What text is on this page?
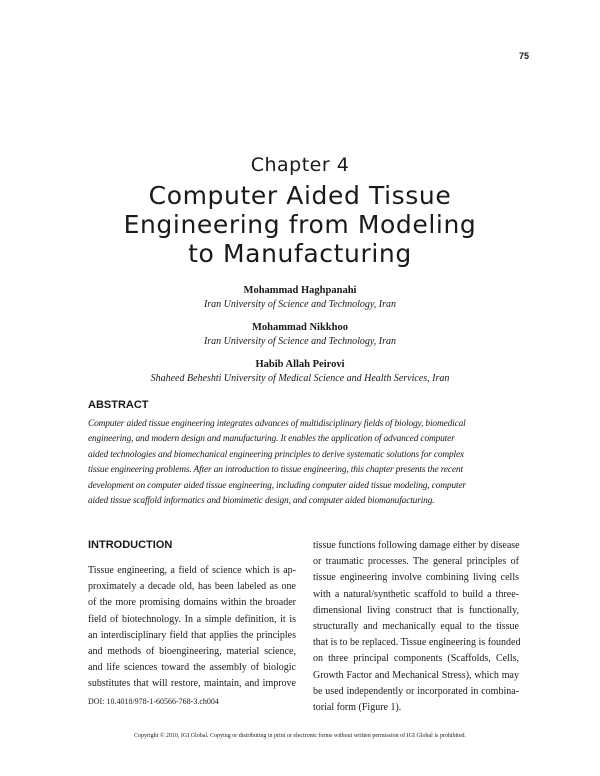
75
Chapter 4
Computer Aided Tissue
Engineering from Modeling
to Manufacturing
Mohammad Haghpanahi
Iran University of Science and Technology, Iran
Mohammad Nikkhoo
Iran University of Science and Technology, Iran
Habib Allah Peirovi
Shaheed Beheshti University of Medical Science and Health Services, Iran
ABSTRACT
Computer aided tissue engineering integrates advances of multidisciplinary fields of biology, biomedical
engineering, and modern design and manufacturing. It enables the application of advanced computer
aided technologies and biomechanical engineering principles to derive systematic solutions for complex
tissue engineering problems. After an introduction to tissue engineering, this chapter presents the recent
development on computer aided tissue engineering, including computer aided tissue modeling, computer
aided tissue scaffold informatics and biomimetic design, and computer aided biomanufacturing.
INTRODUCTION
Tissue engineering, a field of science which is ap-
proximately a decade old, has been labeled as one
of the more promising domains within the broader
field of biotechnology. In a simple definition, it is
an interdisciplinary field that applies the principles
and methods of bioengineering, material science,
and life sciences toward the assembly of biologic
substitutes that will restore, maintain, and improve
tissue functions following damage either by disease
or traumatic processes. The general principles of
tissue engineering involve combining living cells
with a natural/synthetic scaffold to build a three-
dimensional living construct that is functionally,
structurally and mechanically equal to the tissue
that is to be replaced. Tissue engineering is founded
on three principal components (Scaffolds, Cells,
Growth Factor and Mechanical Stress), which may
be used independently or incorporated in combina-
torial form (Figure 1).
DOI: 10.4018/978-1-60566-768-3.ch004
Copyright © 2010, IGI Global. Copying or distributing in print or electronic forms without written permission of IGI Global is prohibited.
